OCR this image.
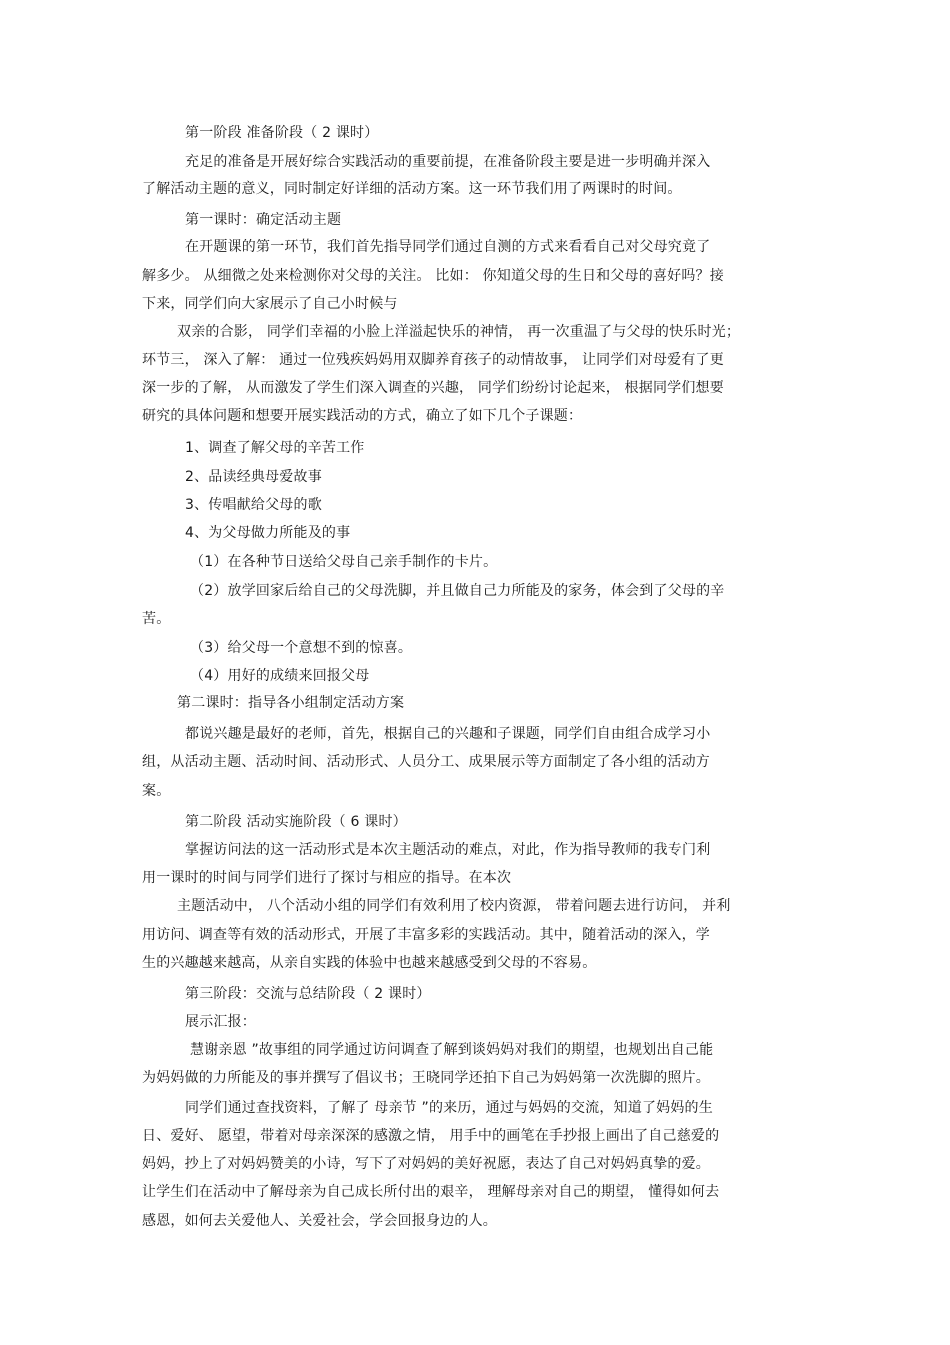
第一阶段 准备阶段（ 2 课时）
充足的准备是开展好综合实践活动的重要前提，在准备阶段主要是进一步明确并深入
了解活动主题的意义，同时制定好详细的活动方案。这一环节我们用了两课时的时间。
第一课时：确定活动主题
在开题课的第一环节，我们首先指导同学们通过自测的方式来看看自己对父母究竟了
解多少。 从细微之处来检测你对父母的关注。 比如： 你知道父母的生日和父母的喜好吗？接
下来，同学们向大家展示了自己小时候与
双亲的合影， 同学们幸福的小脸上洋溢起快乐的神情， 再一次重温了与父母的快乐时光；
环节三， 深入了解： 通过一位残疾妈妈用双脚养育孩子的动情故事， 让同学们对母爱有了更
深一步的了解， 从而激发了学生们深入调查的兴趣， 同学们纷纷讨论起来， 根据同学们想要
研究的具体问题和想要开展实践活动的方式，确立了如下几个子课题：
1、调查了解父母的辛苦工作
2、品读经典母爱故事
3、传唱献给父母的歌
4、为父母做力所能及的事
（1）在各种节日送给父母自己亲手制作的卡片。
（2）放学回家后给自己的父母洗脚，并且做自己力所能及的家务，体会到了父母的辛
苦。
（3）给父母一个意想不到的惊喜。
（4）用好的成绩来回报父母
第二课时：指导各小组制定活动方案
都说兴趣是最好的老师，首先，根据自己的兴趣和子课题，同学们自由组合成学习小
组，从活动主题、活动时间、活动形式、人员分工、成果展示等方面制定了各小组的活动方
案。
第二阶段 活动实施阶段（ 6 课时）
掌握访问法的这一活动形式是本次主题活动的难点，对此，作为指导教师的我专门利
用一课时的时间与同学们进行了探讨与相应的指导。在本次
主题活动中， 八个活动小组的同学们有效利用了校内资源， 带着问题去进行访问， 并利
用访问、调查等有效的活动形式，开展了丰富多彩的实践活动。其中，随着活动的深入，学
生的兴趣越来越高，从亲自实践的体验中也越来越感受到父母的不容易。
第三阶段：交流与总结阶段（ 2 课时）
展示汇报：
慧谢亲恩 ”故事组的同学通过访问调查了解到谈妈妈对我们的期望，也规划出自己能
为妈妈做的力所能及的事并撰写了倡议书；王晓同学还拍下自己为妈妈第一次洗脚的照片。
同学们通过查找资料，了解了 母亲节 ”的来历，通过与妈妈的交流，知道了妈妈的生
日、爱好、 愿望，带着对母亲深深的感激之情， 用手中的画笔在手抄报上画出了自己慈爱的
妈妈，抄上了对妈妈赞美的小诗，写下了对妈妈的美好祝愿，表达了自己对妈妈真挚的爱。
让学生们在活动中了解母亲为自己成长所付出的艰辛， 理解母亲对自己的期望， 懂得如何去
感恩，如何去关爱他人、关爱社会，学会回报身边的人。
